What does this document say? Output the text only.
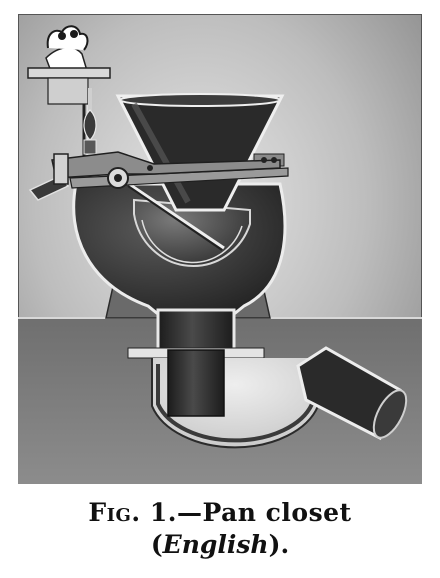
Fig. 1.—Pan closet
(English).
